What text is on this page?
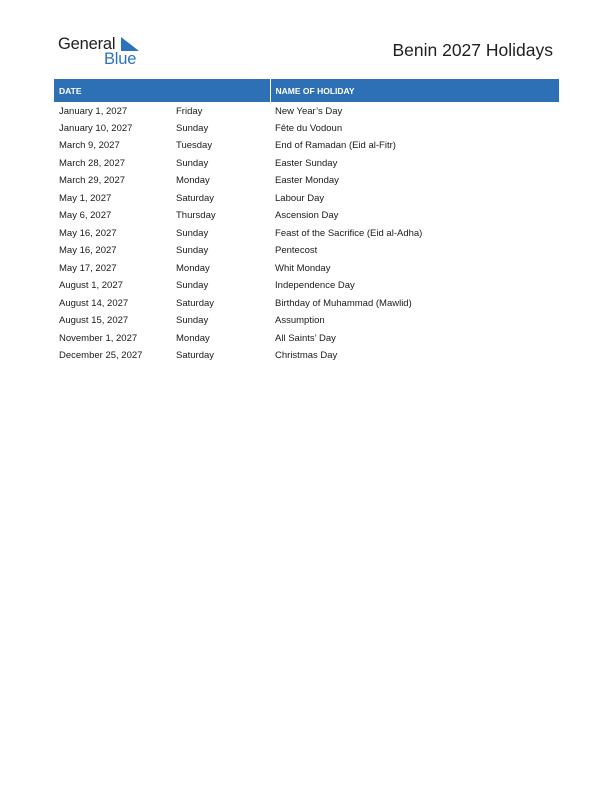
General
Blue	Benin 2027 Holidays
DATE		NAME OF HOLIDAY
January 1, 2027	Friday	New Year’s Day
January 10, 2027	Sunday	Fête du Vodoun
March 9, 2027	Tuesday	End of Ramadan (Eid al-Fitr)
March 28, 2027	Sunday	Easter Sunday
March 29, 2027	Monday	Easter Monday
May 1, 2027	Saturday	Labour Day
May 6, 2027	Thursday	Ascension Day
May 16, 2027	Sunday	Feast of the Sacrifice (Eid al-Adha)
May 16, 2027	Sunday	Pentecost
May 17, 2027	Monday	Whit Monday
August 1, 2027	Sunday	Independence Day
August 14, 2027	Saturday	Birthday of Muhammad (Mawlid)
August 15, 2027	Sunday	Assumption
November 1, 2027	Monday	All Saints’ Day
December 25, 2027	Saturday	Christmas Day
